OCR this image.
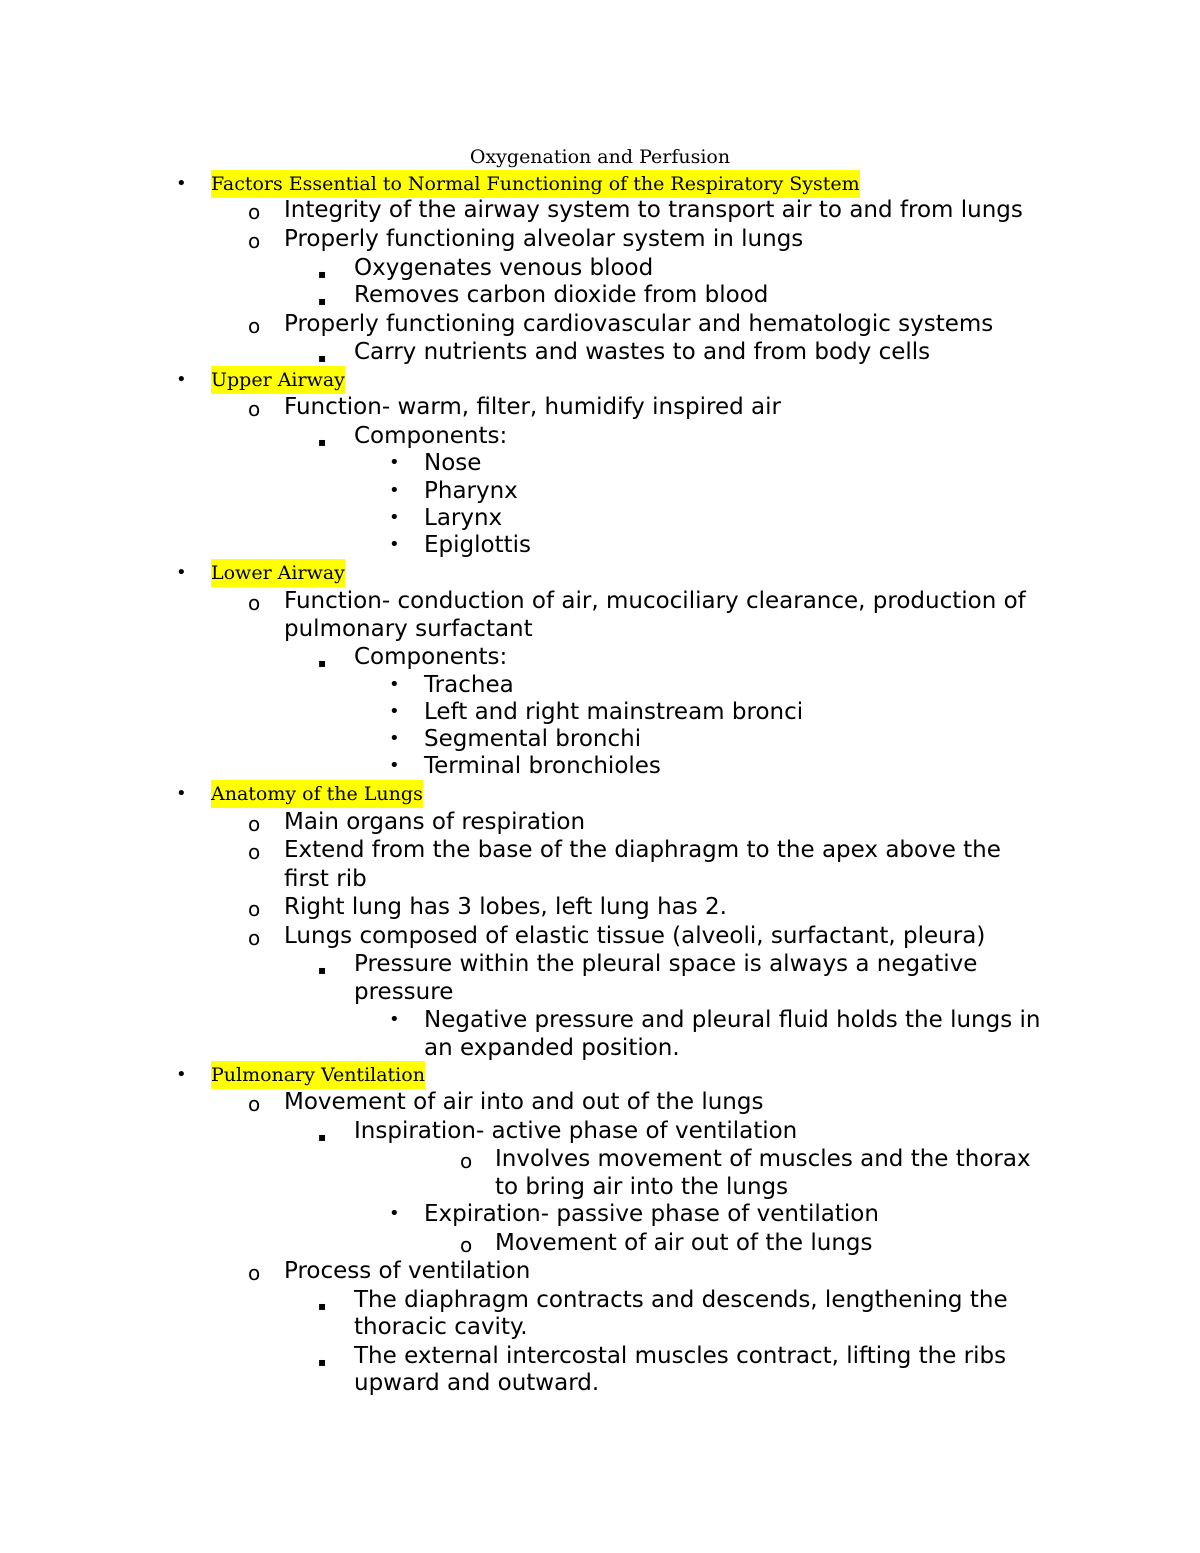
Oxygenation and Perfusion
• Factors Essential to Normal Functioning of the Respiratory System
o Integrity of the airway system to transport air to and from lungs
o Properly functioning alveolar system in lungs
▪ Oxygenates venous blood
▪ Removes carbon dioxide from blood
o Properly functioning cardiovascular and hematologic systems
▪ Carry nutrients and wastes to and from body cells
• Upper Airway
o Function- warm, filter, humidify inspired air
▪ Components:
• Nose
• Pharynx
• Larynx
• Epiglottis
• Lower Airway
o Function- conduction of air, mucociliary clearance, production of
pulmonary surfactant
▪ Components:
• Trachea
• Left and right mainstream bronci
• Segmental bronchi
• Terminal bronchioles
• Anatomy of the Lungs
o Main organs of respiration
o Extend from the base of the diaphragm to the apex above the
first rib
o Right lung has 3 lobes, left lung has 2.
o Lungs composed of elastic tissue (alveoli, surfactant, pleura)
▪ Pressure within the pleural space is always a negative
pressure
• Negative pressure and pleural fluid holds the lungs in
an expanded position.
• Pulmonary Ventilation
o Movement of air into and out of the lungs
▪ Inspiration- active phase of ventilation
o Involves movement of muscles and the thorax
to bring air into the lungs
• Expiration- passive phase of ventilation
o Movement of air out of the lungs
o Process of ventilation
▪ The diaphragm contracts and descends, lengthening the
thoracic cavity.
▪ The external intercostal muscles contract, lifting the ribs
upward and outward.
